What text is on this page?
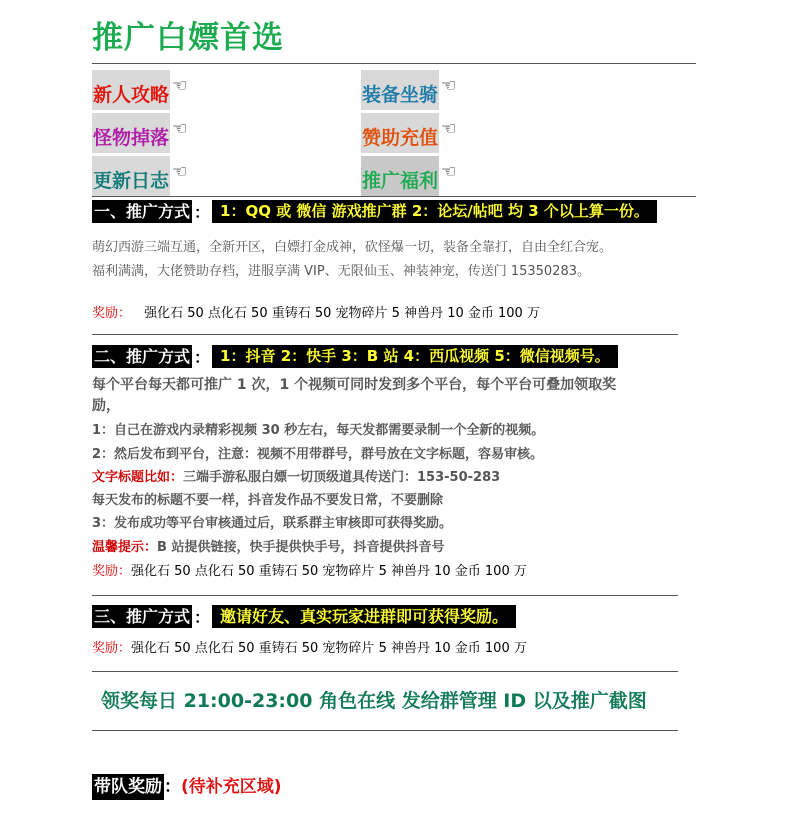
推广白嫖首选
新人攻略 ☜	装备坐骑 ☜
怪物掉落 ☜	赞助充值 ☜
更新日志 ☜	推广福利 ☜
一、推广方式 ： 1：QQ 或 微信 游戏推广群 2：论坛/帖吧 均 3 个以上算一份。
萌幻西游三端互通，全新开区，白嫖打金成神，砍怪爆一切，装备全靠打，自由全红合宠。
福利满满，大佬赞助存档，进服享满 VIP、无限仙玉、神装神宠，传送门 15350283。
奖励： 强化石 50 点化石 50 重铸石 50 宠物碎片 5 神兽丹 10 金币 100 万
二、推广方式 ： 1：抖音 2：快手 3：B 站 4：西瓜视频 5：微信视频号。
每个平台每天都可推广 1 次，1 个视频可同时发到多个平台，每个平台可叠加领取奖
励，
1：自己在游戏内录精彩视频 30 秒左右，每天发都需要录制一个全新的视频。
2：然后发布到平台，注意：视频不用带群号，群号放在文字标题，容易审核。
文字标题比如：三端手游私服白嫖一切顶级道具传送门：153-50-283
每天发布的标题不要一样，抖音发作品不要发日常，不要删除
3：发布成功等平台审核通过后，联系群主审核即可获得奖励。
温馨提示：B 站提供链接，快手提供快手号，抖音提供抖音号
奖励：强化石 50 点化石 50 重铸石 50 宠物碎片 5 神兽丹 10 金币 100 万
三、推广方式 ： 邀请好友、真实玩家进群即可获得奖励。
奖励：强化石 50 点化石 50 重铸石 50 宠物碎片 5 神兽丹 10 金币 100 万
领奖每日 21:00-23:00 角色在线 发给群管理 ID 以及推广截图
带队奖励 ：(待补充区域)
